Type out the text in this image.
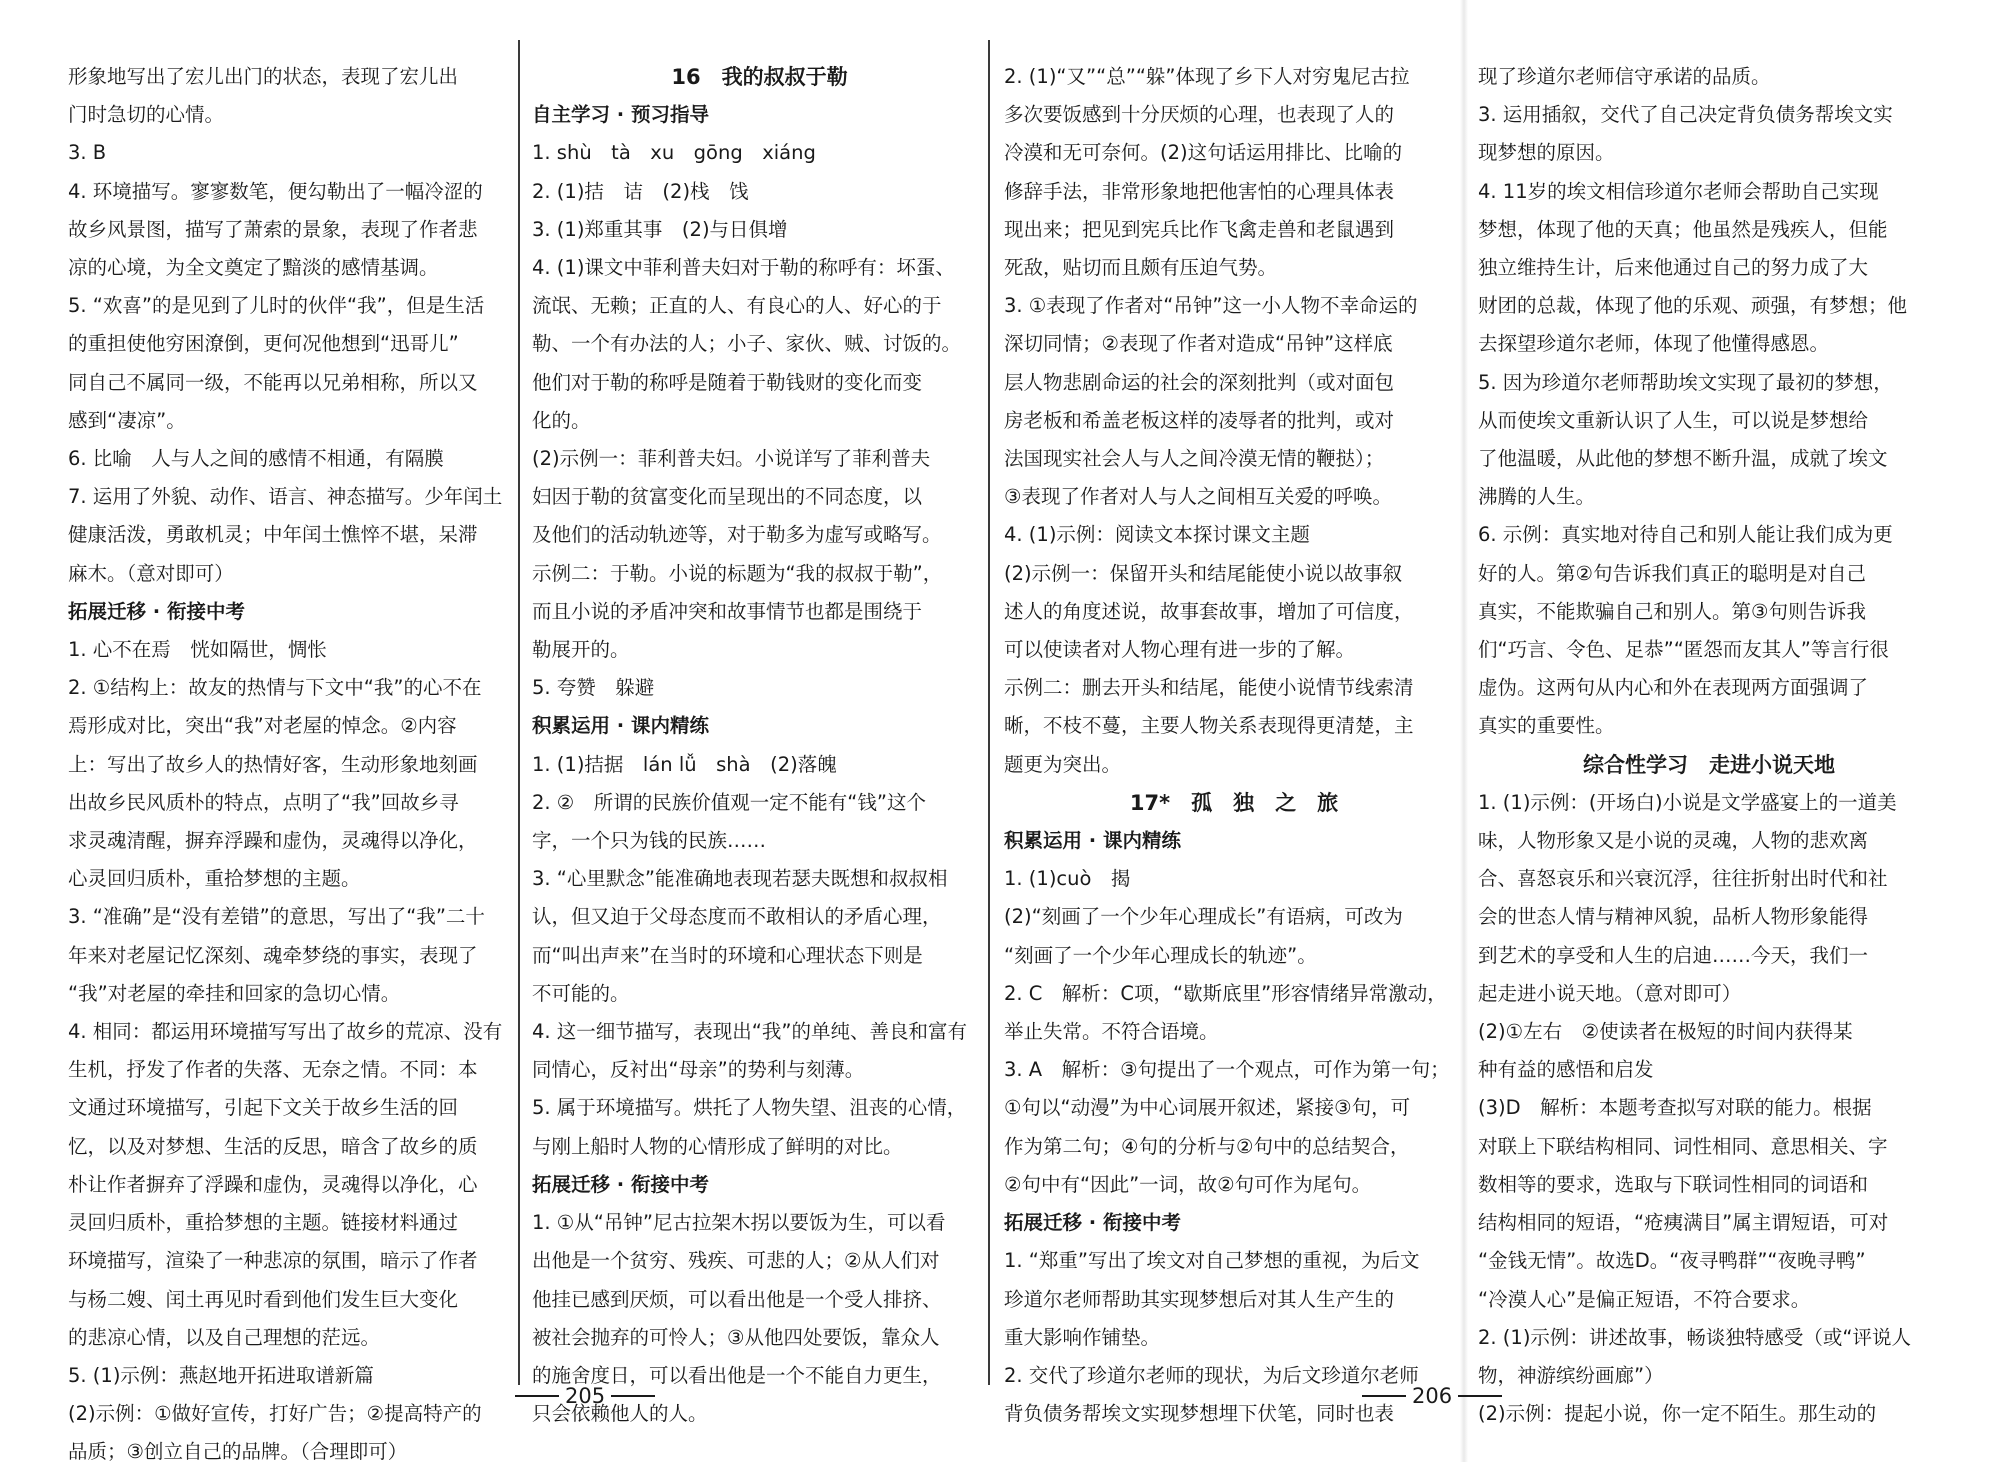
形象地写出了宏儿出门的状态，表现了宏儿出

门时急切的心情。

3. B

4. 环境描写。寥寥数笔，便勾勒出了一幅冷涩的

故乡风景图，描写了萧索的景象，表现了作者悲

凉的心境，为全文奠定了黯淡的感情基调。

5. “欢喜”的是见到了儿时的伙伴“我”，但是生活

的重担使他穷困潦倒，更何况他想到“迅哥儿”

同自己不属同一级，不能再以兄弟相称，所以又

感到“凄凉”。

6. 比喻　人与人之间的感情不相通，有隔膜

7. 运用了外貌、动作、语言、神态描写。少年闰土

健康活泼，勇敢机灵；中年闰土憔悴不堪，呆滞

麻木。（意对即可）

拓展迁移 · 衔接中考

1. 心不在焉　恍如隔世，惆怅

2. ①结构上：故友的热情与下文中“我”的心不在

焉形成对比，突出“我”对老屋的悼念。②内容

上：写出了故乡人的热情好客，生动形象地刻画

出故乡民风质朴的特点，点明了“我”回故乡寻

求灵魂清醒，摒弃浮躁和虚伪，灵魂得以净化，

心灵回归质朴，重拾梦想的主题。

3. “准确”是“没有差错”的意思，写出了“我”二十

年来对老屋记忆深刻、魂牵梦绕的事实，表现了

“我”对老屋的牵挂和回家的急切心情。

4. 相同：都运用环境描写写出了故乡的荒凉、没有

生机，抒发了作者的失落、无奈之情。不同：本

文通过环境描写，引起下文关于故乡生活的回

忆，以及对梦想、生活的反思，暗含了故乡的质

朴让作者摒弃了浮躁和虚伪，灵魂得以净化，心

灵回归质朴，重拾梦想的主题。链接材料通过

环境描写，渲染了一种悲凉的氛围，暗示了作者

与杨二嫂、闰土再见时看到他们发生巨大变化

的悲凉心情，以及自己理想的茫远。

5. (1)示例：燕赵地开拓进取谱新篇

(2)示例：①做好宣传，打好广告；②提高特产的

品质；③创立自己的品牌。（合理即可）

16　我的叔叔于勒

自主学习 · 预习指导

1. shù　tà　xu　gōng　xiáng

2. (1)拮　诘　(2)栈　饯

3. (1)郑重其事　(2)与日俱增

4. (1)课文中菲利普夫妇对于勒的称呼有：坏蛋、

流氓、无赖；正直的人、有良心的人、好心的于

勒、一个有办法的人；小子、家伙、贼、讨饭的。

他们对于勒的称呼是随着于勒钱财的变化而变

化的。

(2)示例一：菲利普夫妇。小说详写了菲利普夫

妇因于勒的贫富变化而呈现出的不同态度，以

及他们的活动轨迹等，对于勒多为虚写或略写。

示例二：于勒。小说的标题为“我的叔叔于勒”，

而且小说的矛盾冲突和故事情节也都是围绕于

勒展开的。

5. 夸赞　躲避

积累运用 · 课内精练

1. (1)拮据　lán lǚ　shà　(2)落魄

2. ②　所谓的民族价值观一定不能有“钱”这个

字，一个只为钱的民族……

3. “心里默念”能准确地表现若瑟夫既想和叔叔相

认，但又迫于父母态度而不敢相认的矛盾心理，

而“叫出声来”在当时的环境和心理状态下则是

不可能的。

4. 这一细节描写，表现出“我”的单纯、善良和富有

同情心，反衬出“母亲”的势利与刻薄。

5. 属于环境描写。烘托了人物失望、沮丧的心情，

与刚上船时人物的心情形成了鲜明的对比。

拓展迁移 · 衔接中考

1. ①从“吊钟”尼古拉架木拐以要饭为生，可以看

出他是一个贫穷、残疾、可悲的人；②从人们对

他挂已感到厌烦，可以看出他是一个受人排挤、

被社会抛弃的可怜人；③从他四处要饭，靠众人

的施舍度日，可以看出他是一个不能自力更生，

只会依赖他人的人。

2. (1)“又”“总”“躲”体现了乡下人对穷鬼尼古拉

多次要饭感到十分厌烦的心理，也表现了人的

冷漠和无可奈何。(2)这句话运用排比、比喻的

修辞手法，非常形象地把他害怕的心理具体表

现出来；把见到宪兵比作飞禽走兽和老鼠遇到

死敌，贴切而且颇有压迫气势。

3. ①表现了作者对“吊钟”这一小人物不幸命运的

深切同情；②表现了作者对造成“吊钟”这样底

层人物悲剧命运的社会的深刻批判（或对面包

房老板和希盖老板这样的凌辱者的批判，或对

法国现实社会人与人之间冷漠无情的鞭挞）；

③表现了作者对人与人之间相互关爱的呼唤。

4. (1)示例：阅读文本探讨课文主题

(2)示例一：保留开头和结尾能使小说以故事叙

述人的角度述说，故事套故事，增加了可信度，

可以使读者对人物心理有进一步的了解。

示例二：删去开头和结尾，能使小说情节线索清

晰，不枝不蔓，主要人物关系表现得更清楚，主

题更为突出。

17*　孤　独　之　旅

积累运用 · 课内精练

1. (1)cuò　揭

(2)“刻画了一个少年心理成长”有语病，可改为

“刻画了一个少年心理成长的轨迹”。

2. C　解析：C项，“歇斯底里”形容情绪异常激动，

举止失常。不符合语境。

3. A　解析：③句提出了一个观点，可作为第一句；

①句以“动漫”为中心词展开叙述，紧接③句，可

作为第二句；④句的分析与②句中的总结契合，

②句中有“因此”一词，故②句可作为尾句。

拓展迁移 · 衔接中考

1. “郑重”写出了埃文对自己梦想的重视，为后文

珍道尔老师帮助其实现梦想后对其人生产生的

重大影响作铺垫。

2. 交代了珍道尔老师的现状，为后文珍道尔老师

背负债务帮埃文实现梦想埋下伏笔，同时也表

现了珍道尔老师信守承诺的品质。

3. 运用插叙，交代了自己决定背负债务帮埃文实

现梦想的原因。

4. 11岁的埃文相信珍道尔老师会帮助自己实现

梦想，体现了他的天真；他虽然是残疾人，但能

独立维持生计，后来他通过自己的努力成了大

财团的总裁，体现了他的乐观、顽强，有梦想；他

去探望珍道尔老师，体现了他懂得感恩。

5. 因为珍道尔老师帮助埃文实现了最初的梦想，

从而使埃文重新认识了人生，可以说是梦想给

了他温暖，从此他的梦想不断升温，成就了埃文

沸腾的人生。

6. 示例：真实地对待自己和别人能让我们成为更

好的人。第②句告诉我们真正的聪明是对自己

真实，不能欺骗自己和别人。第③句则告诉我

们“巧言、令色、足恭”“匿怨而友其人”等言行很

虚伪。这两句从内心和外在表现两方面强调了

真实的重要性。

综合性学习　走进小说天地

1. (1)示例：(开场白)小说是文学盛宴上的一道美

味，人物形象又是小说的灵魂，人物的悲欢离

合、喜怒哀乐和兴衰沉浮，往往折射出时代和社

会的世态人情与精神风貌，品析人物形象能得

到艺术的享受和人生的启迪……今天，我们一

起走进小说天地。（意对即可）

(2)①左右　②使读者在极短的时间内获得某

种有益的感悟和启发

(3)D　解析：本题考查拟写对联的能力。根据

对联上下联结构相同、词性相同、意思相关、字

数相等的要求，选取与下联词性相同的词语和

结构相同的短语，“疮痍满目”属主谓短语，可对

“金钱无情”。故选D。“夜寻鸭群”“夜晚寻鸭”

“冷漠人心”是偏正短语，不符合要求。

2. (1)示例：讲述故事，畅谈独特感受（或“评说人

物，神游缤纷画廊”）

(2)示例：提起小说，你一定不陌生。那生动的

205	206
